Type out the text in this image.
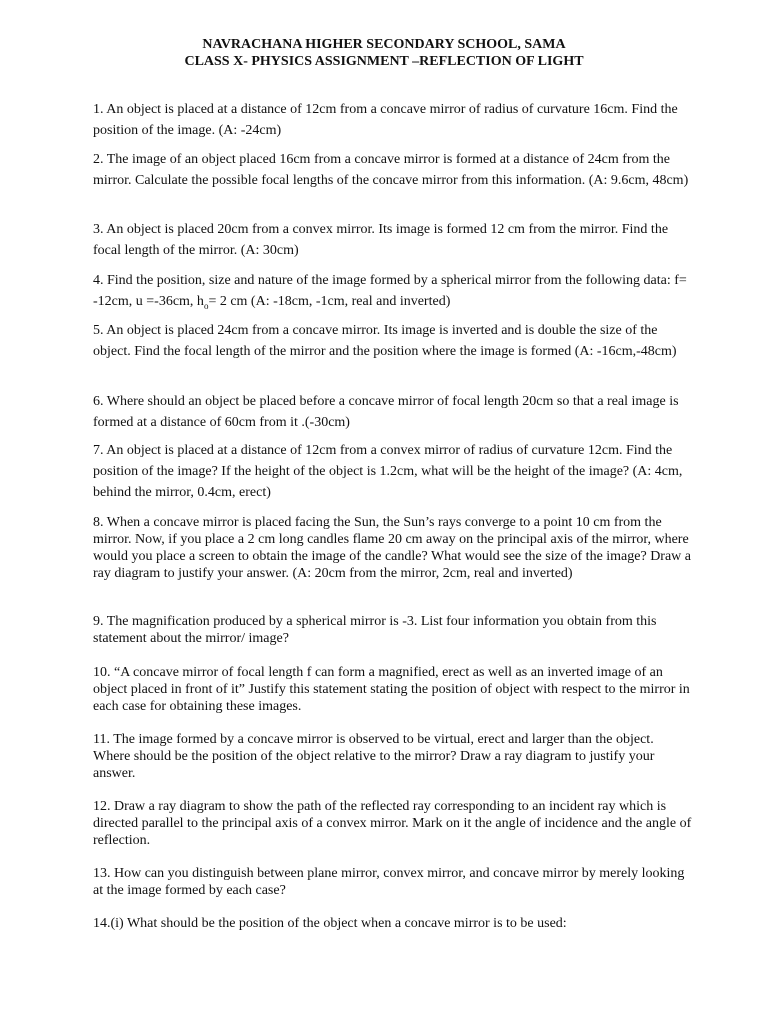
NAVRACHANA HIGHER SECONDARY SCHOOL, SAMA
CLASS X- PHYSICS ASSIGNMENT –REFLECTION OF LIGHT

1. An object is placed at a distance of 12cm from a concave mirror of radius of curvature 16cm. Find the position of the image. (A: -24cm)

2. The image of an object placed 16cm from a concave mirror is formed at a distance of 24cm from the mirror. Calculate the possible focal lengths of the concave mirror from this information. (A: 9.6cm, 48cm)

3. An object is placed 20cm from a convex mirror. Its image is formed 12 cm from the mirror. Find the focal length of the mirror. (A: 30cm)

4. Find the position, size and nature of the image formed by a spherical mirror from the following data: f= -12cm, u =-36cm, $h_o= 2$ cm (A: -18cm, -1cm, real and inverted)

5. An object is placed 24cm from a concave mirror. Its image is inverted and is double the size of the object. Find the focal length of the mirror and the position where the image is formed (A: -16cm,-48cm)

6. Where should an object be placed before a concave mirror of focal length 20cm so that a real image is formed at a distance of 60cm from it .(-30cm)

7. An object is placed at a distance of 12cm from a convex mirror of radius of curvature 12cm. Find the position of the image? If the height of the object is 1.2cm, what will be the height of the image? (A: 4cm, behind the mirror, 0.4cm, erect)

8. When a concave mirror is placed facing the Sun, the Sun’s rays converge to a point 10 cm from the mirror. Now, if you place a 2 cm long candles flame 20 cm away on the principal axis of the mirror, where would you place a screen to obtain the image of the candle? What would see the size of the image? Draw a ray diagram to justify your answer. (A: 20cm from the mirror, 2cm, real and inverted)

9. The magnification produced by a spherical mirror is -3. List four information you obtain from this statement about the mirror/ image?

10. “A concave mirror of focal length f can form a magnified, erect as well as an inverted image of an object placed in front of it” Justify this statement stating the position of object with respect to the mirror in each case for obtaining these images.

11. The image formed by a concave mirror is observed to be virtual, erect and larger than the object. Where should be the position of the object relative to the mirror? Draw a ray diagram to justify your answer.

12. Draw a ray diagram to show the path of the reflected ray corresponding to an incident ray which is directed parallel to the principal axis of a convex mirror. Mark on it the angle of incidence and the angle of reflection.

13. How can you distinguish between plane mirror, convex mirror, and concave mirror by merely looking at the image formed by each case?

14.(i) What should be the position of the object when a concave mirror is to be used:
